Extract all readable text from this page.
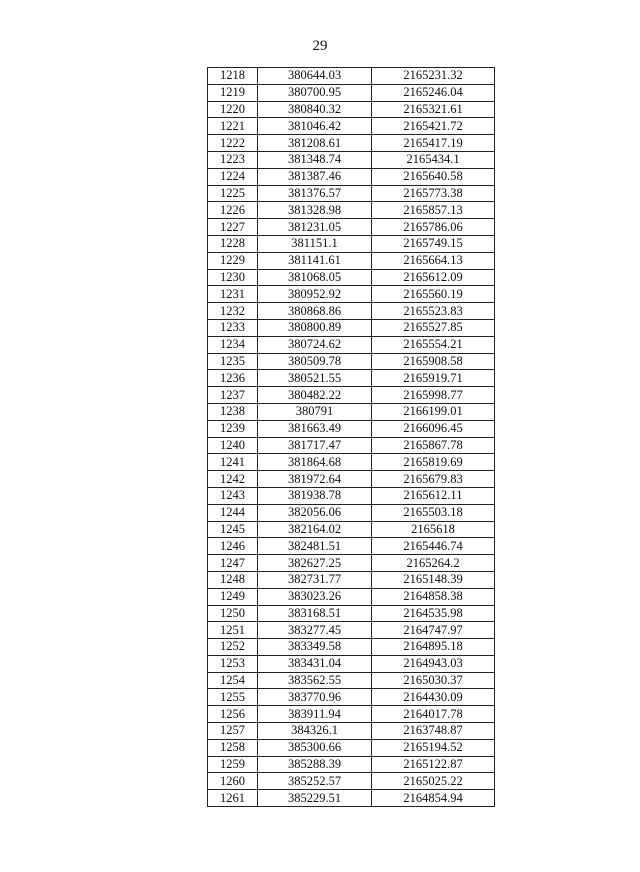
29
1218	380644.03	2165231.32
1219	380700.95	2165246.04
1220	380840.32	2165321.61
1221	381046.42	2165421.72
1222	381208.61	2165417.19
1223	381348.74	2165434.1
1224	381387.46	2165640.58
1225	381376.57	2165773.38
1226	381328.98	2165857.13
1227	381231.05	2165786.06
1228	381151.1	2165749.15
1229	381141.61	2165664.13
1230	381068.05	2165612.09
1231	380952.92	2165560.19
1232	380868.86	2165523.83
1233	380800.89	2165527.85
1234	380724.62	2165554.21
1235	380509.78	2165908.58
1236	380521.55	2165919.71
1237	380482.22	2165998.77
1238	380791	2166199.01
1239	381663.49	2166096.45
1240	381717.47	2165867.78
1241	381864.68	2165819.69
1242	381972.64	2165679.83
1243	381938.78	2165612.11
1244	382056.06	2165503.18
1245	382164.02	2165618
1246	382481.51	2165446.74
1247	382627.25	2165264.2
1248	382731.77	2165148.39
1249	383023.26	2164858.38
1250	383168.51	2164535.98
1251	383277.45	2164747.97
1252	383349.58	2164895.18
1253	383431.04	2164943.03
1254	383562.55	2165030.37
1255	383770.96	2164430.09
1256	383911.94	2164017.78
1257	384326.1	2163748.87
1258	385300.66	2165194.52
1259	385288.39	2165122.87
1260	385252.57	2165025.22
1261	385229.51	2164854.94
